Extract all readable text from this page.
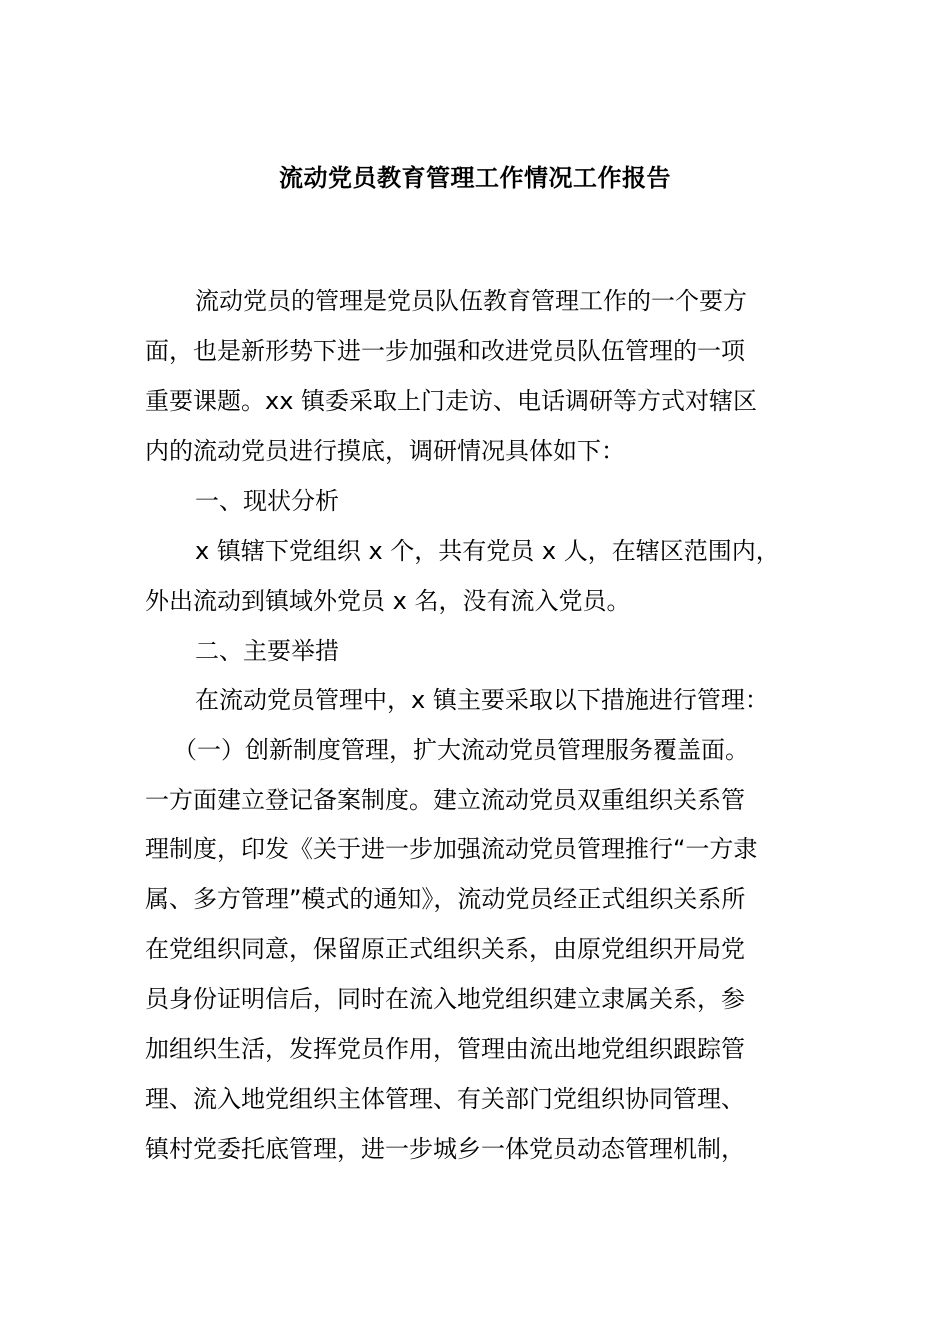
流动党员教育管理工作情况工作报告
流动党员的管理是党员队伍教育管理工作的一个要方
面，也是新形势下进一步加强和改进党员队伍管理的一项
重要课题。xx 镇委采取上门走访、电话调研等方式对辖区
内的流动党员进行摸底，调研情况具体如下：
一、现状分析
x 镇辖下党组织 x 个，共有党员 x 人，在辖区范围内，
外出流动到镇域外党员 x 名，没有流入党员。
二、主要举措
在流动党员管理中，x 镇主要采取以下措施进行管理：
（一）创新制度管理，扩大流动党员管理服务覆盖面。
一方面建立登记备案制度。建立流动党员双重组织关系管
理制度，印发《关于进一步加强流动党员管理推行“一方隶
属、多方管理”模式的通知》，流动党员经正式组织关系所
在党组织同意，保留原正式组织关系，由原党组织开局党
员身份证明信后，同时在流入地党组织建立隶属关系，参
加组织生活，发挥党员作用，管理由流出地党组织跟踪管
理、流入地党组织主体管理、有关部门党组织协同管理、
镇村党委托底管理，进一步城乡一体党员动态管理机制，
